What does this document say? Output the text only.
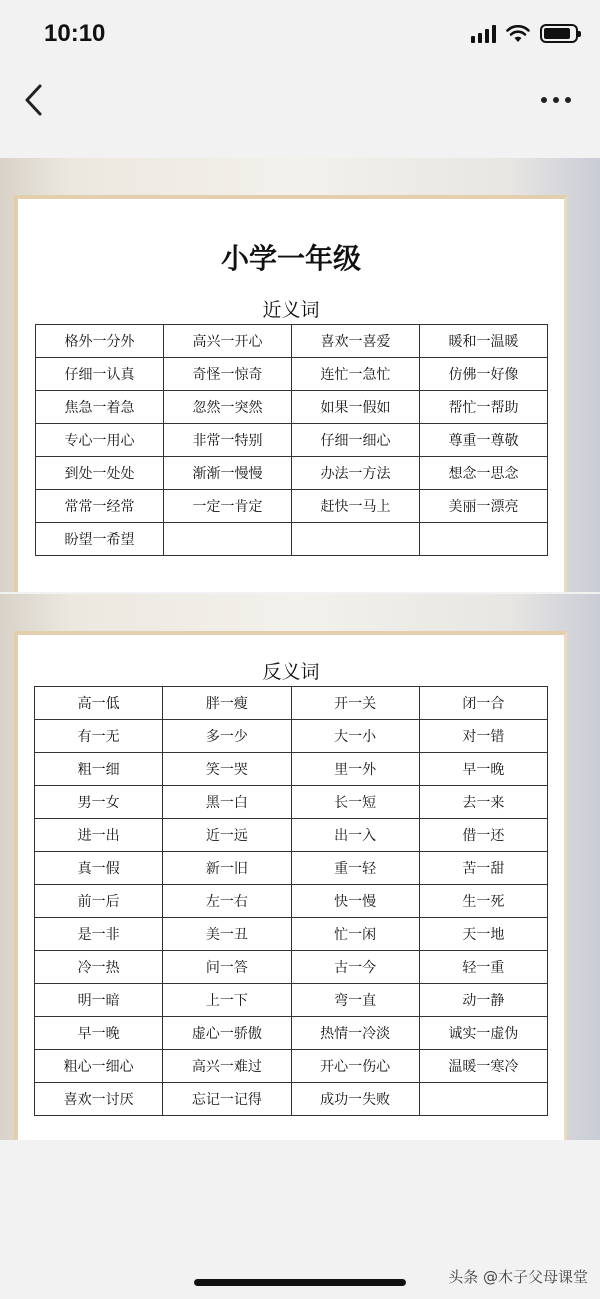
10:10
小学一年级
近义词
格外一分外	高兴一开心	喜欢一喜爱	暖和一温暖
仔细一认真	奇怪一惊奇	连忙一急忙	仿佛一好像
焦急一着急	忽然一突然	如果一假如	帮忙一帮助
专心一用心	非常一特别	仔细一细心	尊重一尊敬
到处一处处	渐渐一慢慢	办法一方法	想念一思念
常常一经常	一定一肯定	赶快一马上	美丽一漂亮
盼望一希望			
反义词
高一低	胖一瘦	开一关	闭一合
有一无	多一少	大一小	对一错
粗一细	笑一哭	里一外	早一晚
男一女	黑一白	长一短	去一来
进一出	近一远	出一入	借一还
真一假	新一旧	重一轻	苦一甜
前一后	左一右	快一慢	生一死
是一非	美一丑	忙一闲	天一地
冷一热	问一答	古一今	轻一重
明一暗	上一下	弯一直	动一静
早一晚	虚心一骄傲	热情一冷淡	诚实一虚伪
粗心一细心	高兴一难过	开心一伤心	温暖一寒冷
喜欢一讨厌	忘记一记得	成功一失败	
头条 @木子父母课堂
